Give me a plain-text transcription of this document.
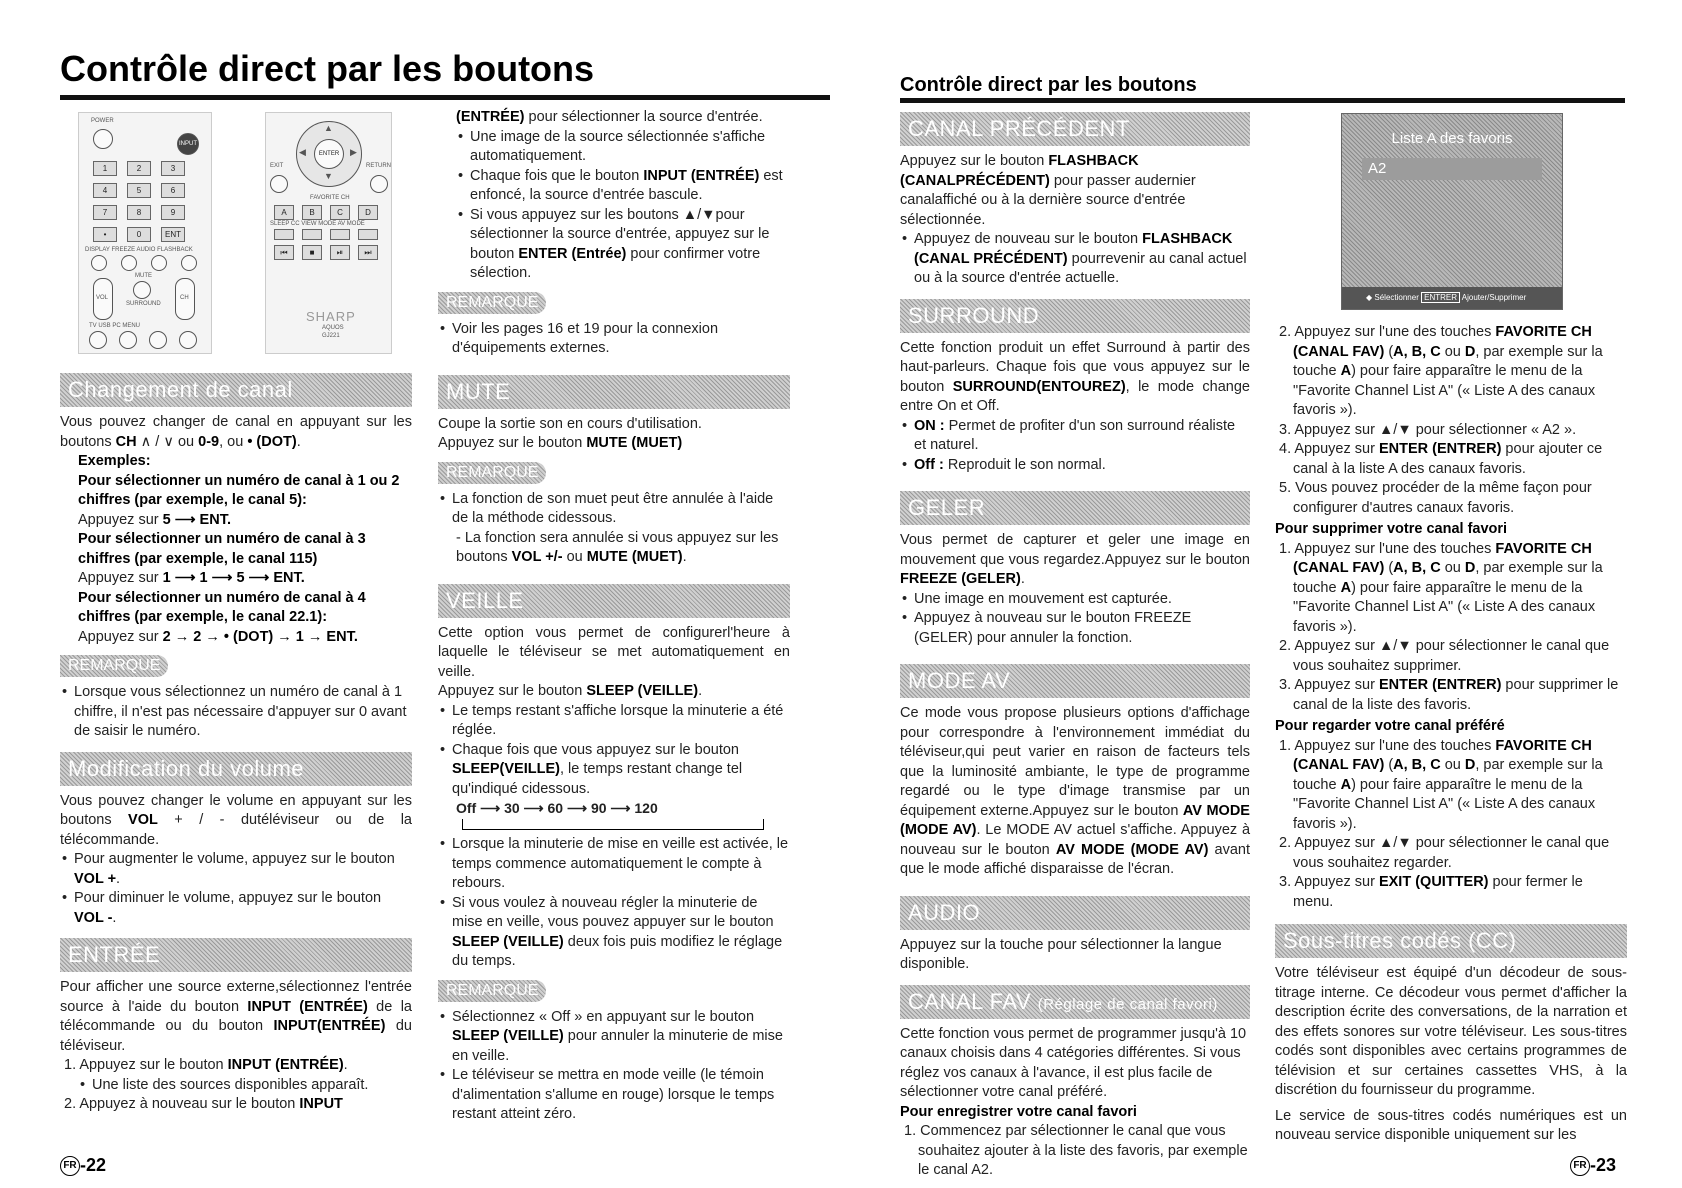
Contrôle direct par les boutons
POWER
INPUT
1	2	3
4	5	6
7	8	9
•	0	ENT
DISPLAY FREEZE AUDIO FLASHBACK
MUTE
VOL	CH
SURROUND
TV USB PC MENU
ENTER
▲
▼
◀	▶
EXIT	RETURN
FAVORITE CH
A	B	C	D
SLEEP CC VIEW MODE AV MODE
⏮	■	⏯	⏭
SHARP
AQUOS
GJ221
Changement de canal

Vous pouvez changer de canal en appuyant sur les boutons CH ∧ / ∨ ou 0-9, ou • (DOT).

Exemples:

Pour sélectionner un numéro de canal à 1 ou 2 chiffres (par exemple, le canal 5):

Appuyez sur 5 ⟶ ENT.

Pour sélectionner un numéro de canal à 3 chiffres (par exemple, le canal 115)

Appuyez sur 1 ⟶ 1 ⟶ 5 ⟶ ENT.

Pour sélectionner un numéro de canal à 4 chiffres (par exemple, le canal 22.1):

Appuyez sur 2 → 2 → • (DOT) → 1 → ENT.

REMARQUE
• Lorsque vous sélectionnez un numéro de canal à 1 chiffre, il n'est pas nécessaire d'appuyer sur 0 avant de saisir le numéro.
Modification du volume

Vous pouvez changer le volume en appuyant sur les boutons VOL + / - dutéléviseur ou de la télécommande.

• Pour augmenter le volume, appuyez sur le bouton VOL +.
• Pour diminuer le volume, appuyez sur le bouton VOL -.
ENTRÉE

Pour afficher une source externe,sélectionnez l'entrée source à l'aide du bouton INPUT (ENTRÉE) de la télécommande ou du bouton INPUT(ENTRÉE) du téléviseur.

1. Appuyez sur le bouton INPUT (ENTRÉE).

• Une liste des sources disponibles apparaît.

2. Appuyez à nouveau sur le bouton INPUT

(ENTRÉE) pour sélectionner la source d'entrée.

• Une image de la source sélectionnée s'affiche automatiquement.
• Chaque fois que le bouton INPUT (ENTRÉE) est enfoncé, la source d'entrée bascule.
• Si vous appuyez sur les boutons ▲/▼pour sélectionner la source d'entrée, appuyez sur le bouton ENTER (Entrée) pour confirmer votre sélection.
REMARQUE
• Voir les pages 16 et 19 pour la connexion d'équipements externes.
MUTE

Coupe la sortie son en cours d'utilisation.

Appuyez sur le bouton MUTE (MUET)

REMARQUE
• La fonction de son muet peut être annulée à l'aide de la méthode cidessous.

- La fonction sera annulée si vous appuyez sur les boutons VOL +/- ou MUTE (MUET).

VEILLE

Cette option vous permet de configurerl'heure à laquelle le téléviseur se met automatiquement en veille.

Appuyez sur le bouton SLEEP (VEILLE).

• Le temps restant s'affiche lorsque la minuterie a été réglée.
• Chaque fois que vous appuyez sur le bouton SLEEP(VEILLE), le temps restant change tel qu'indiqué cidessous.
Off ⟶ 30 ⟶ 60 ⟶ 90 ⟶ 120
• Lorsque la minuterie de mise en veille est activée, le temps commence automatiquement le compte à rebours.
• Si vous voulez à nouveau régler la minuterie de mise en veille, vous pouvez appuyer sur le bouton SLEEP (VEILLE) deux fois puis modifiez le réglage du temps.
REMARQUE
• Sélectionnez « Off » en appuyant sur le bouton SLEEP (VEILLE) pour annuler la minuterie de mise en veille.
• Le téléviseur se mettra en mode veille (le témoin d'alimentation s'allume en rouge) lorsque le temps restant atteint zéro.
FR -22
Contrôle direct par les boutons
CANAL PRÉCÉDENT

Appuyez sur le bouton FLASHBACK (CANALPRÉCÉDENT) pour passer audernier canalaffiché ou à la dernière source d'entrée sélectionnée.

• Appuyez de nouveau sur le bouton FLASHBACK (CANAL PRÉCÉDENT) pourrevenir au canal actuel ou à la source d'entrée actuelle.
SURROUND

Cette fonction produit un effet Surround à partir des haut-parleurs. Chaque fois que vous appuyez sur le bouton SURROUND(ENTOUREZ), le mode change entre On et Off.

• ON : Permet de profiter d'un son surround réaliste et naturel.
• Off : Reproduit le son normal.
GELER

Vous permet de capturer et geler une image en mouvement que vous regardez.Appuyez sur le bouton FREEZE (GELER).

• Une image en mouvement est capturée.
• Appuyez à nouveau sur le bouton FREEZE (GELER) pour annuler la fonction.
MODE AV

Ce mode vous propose plusieurs options d'affichage pour correspondre à l'environnement immédiat du téléviseur,qui peut varier en raison de facteurs tels que la luminosité ambiante, le type de programme regardé ou le type d'image transmise par un équipement externe.Appuyez sur le bouton AV MODE (MODE AV). Le MODE AV actuel s'affiche. Appuyez à nouveau sur le bouton AV MODE (MODE AV) avant que le mode affiché disparaisse de l'écran.

AUDIO

Appuyez sur la touche pour sélectionner la langue disponible.

CANAL FAV (Réglage de canal favori)

Cette fonction vous permet de programmer jusqu'à 10 canaux choisis dans 4 catégories différentes. Si vous réglez vos canaux à l'avance, il est plus facile de sélectionner votre canal préféré.

Pour enregistrer votre canal favori

1. Commencez par sélectionner le canal que vous souhaitez ajouter à la liste des favoris, par exemple le canal A2.

Liste A des favoris
A2
◆ Sélectionner ENTRER Ajouter/Supprimer

2. Appuyez sur l'une des touches FAVORITE CH (CANAL FAV) (A, B, C ou D, par exemple sur la touche A) pour faire apparaître le menu de la "Favorite Channel List A" (« Liste A des canaux favoris »).

3. Appuyez sur ▲/▼ pour sélectionner « A2 ».

4. Appuyez sur ENTER (ENTRER) pour ajouter ce canal à la liste A des canaux favoris.

5. Vous pouvez procéder de la même façon pour configurer d'autres canaux favoris.

Pour supprimer votre canal favori

1. Appuyez sur l'une des touches FAVORITE CH (CANAL FAV) (A, B, C ou D, par exemple sur la touche A) pour faire apparaître le menu de la "Favorite Channel List A" (« Liste A des canaux favoris »).

2. Appuyez sur ▲/▼ pour sélectionner le canal que vous souhaitez supprimer.

3. Appuyez sur ENTER (ENTRER) pour supprimer le canal de la liste des favoris.

Pour regarder votre canal préféré

1. Appuyez sur l'une des touches FAVORITE CH (CANAL FAV) (A, B, C ou D, par exemple sur la touche A) pour faire apparaître le menu de la "Favorite Channel List A" (« Liste A des canaux favoris »).

2. Appuyez sur ▲/▼ pour sélectionner le canal que vous souhaitez regarder.

3. Appuyez sur EXIT (QUITTER) pour fermer le menu.

Sous-titres codés (CC)

Votre téléviseur est équipé d'un décodeur de sous-titrage interne. Ce décodeur vous permet d'afficher la description écrite des conversations, de la narration et des effets sonores sur votre téléviseur. Les sous-titres codés sont disponibles avec certains programmes de télévision et sur certaines cassettes VHS, à la discrétion du fournisseur du programme.

Le service de sous-titres codés numériques est un nouveau service disponible uniquement sur les

FR -23
